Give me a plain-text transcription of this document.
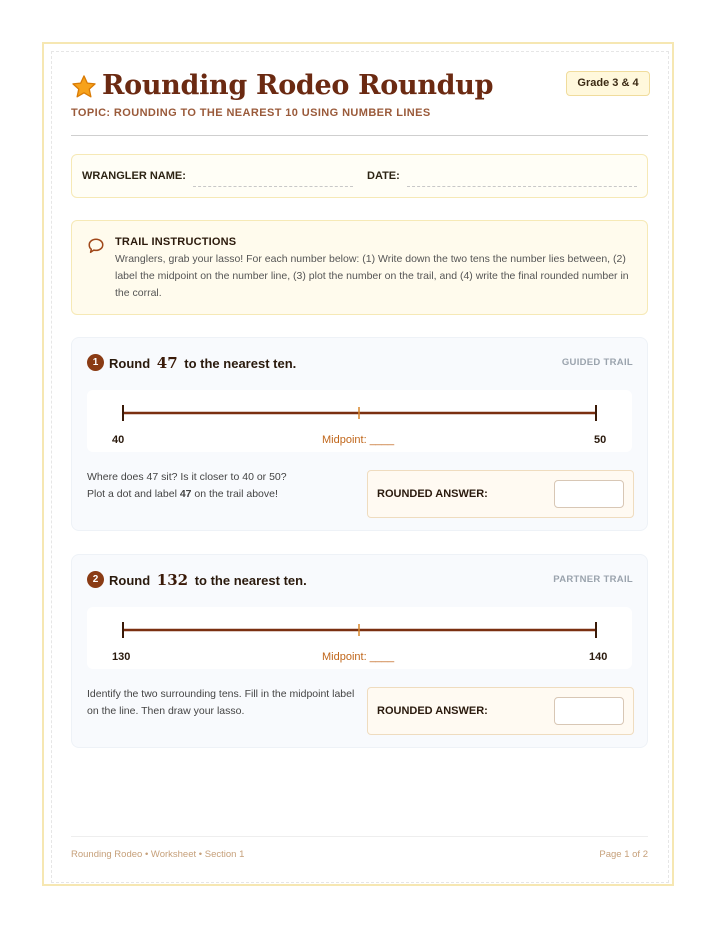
Rounding Rodeo Roundup	Grade 3 & 4
TOPIC: ROUNDING TO THE NEAREST 10 USING NUMBER LINES
WRANGLER NAME:	DATE:
TRAIL INSTRUCTIONS
Wranglers, grab your lasso! For each number below: (1) Write down the two tens the number lies between, (2) label the midpoint on the number line, (3) plot the number on the trail, and (4) write the final rounded number in the corral.
1 Round 47 to the nearest ten.	GUIDED TRAIL
40	Midpoint: ____	50
Where does 47 sit? Is it closer to 40 or 50?
Plot a dot and label 47 on the trail above!	ROUNDED ANSWER:
2 Round 132 to the nearest ten.	PARTNER TRAIL
130	Midpoint: ____	140
Identify the two surrounding tens. Fill in the midpoint label
on the line. Then draw your lasso.	ROUNDED ANSWER:
Rounding Rodeo • Worksheet • Section 1	Page 1 of 2
